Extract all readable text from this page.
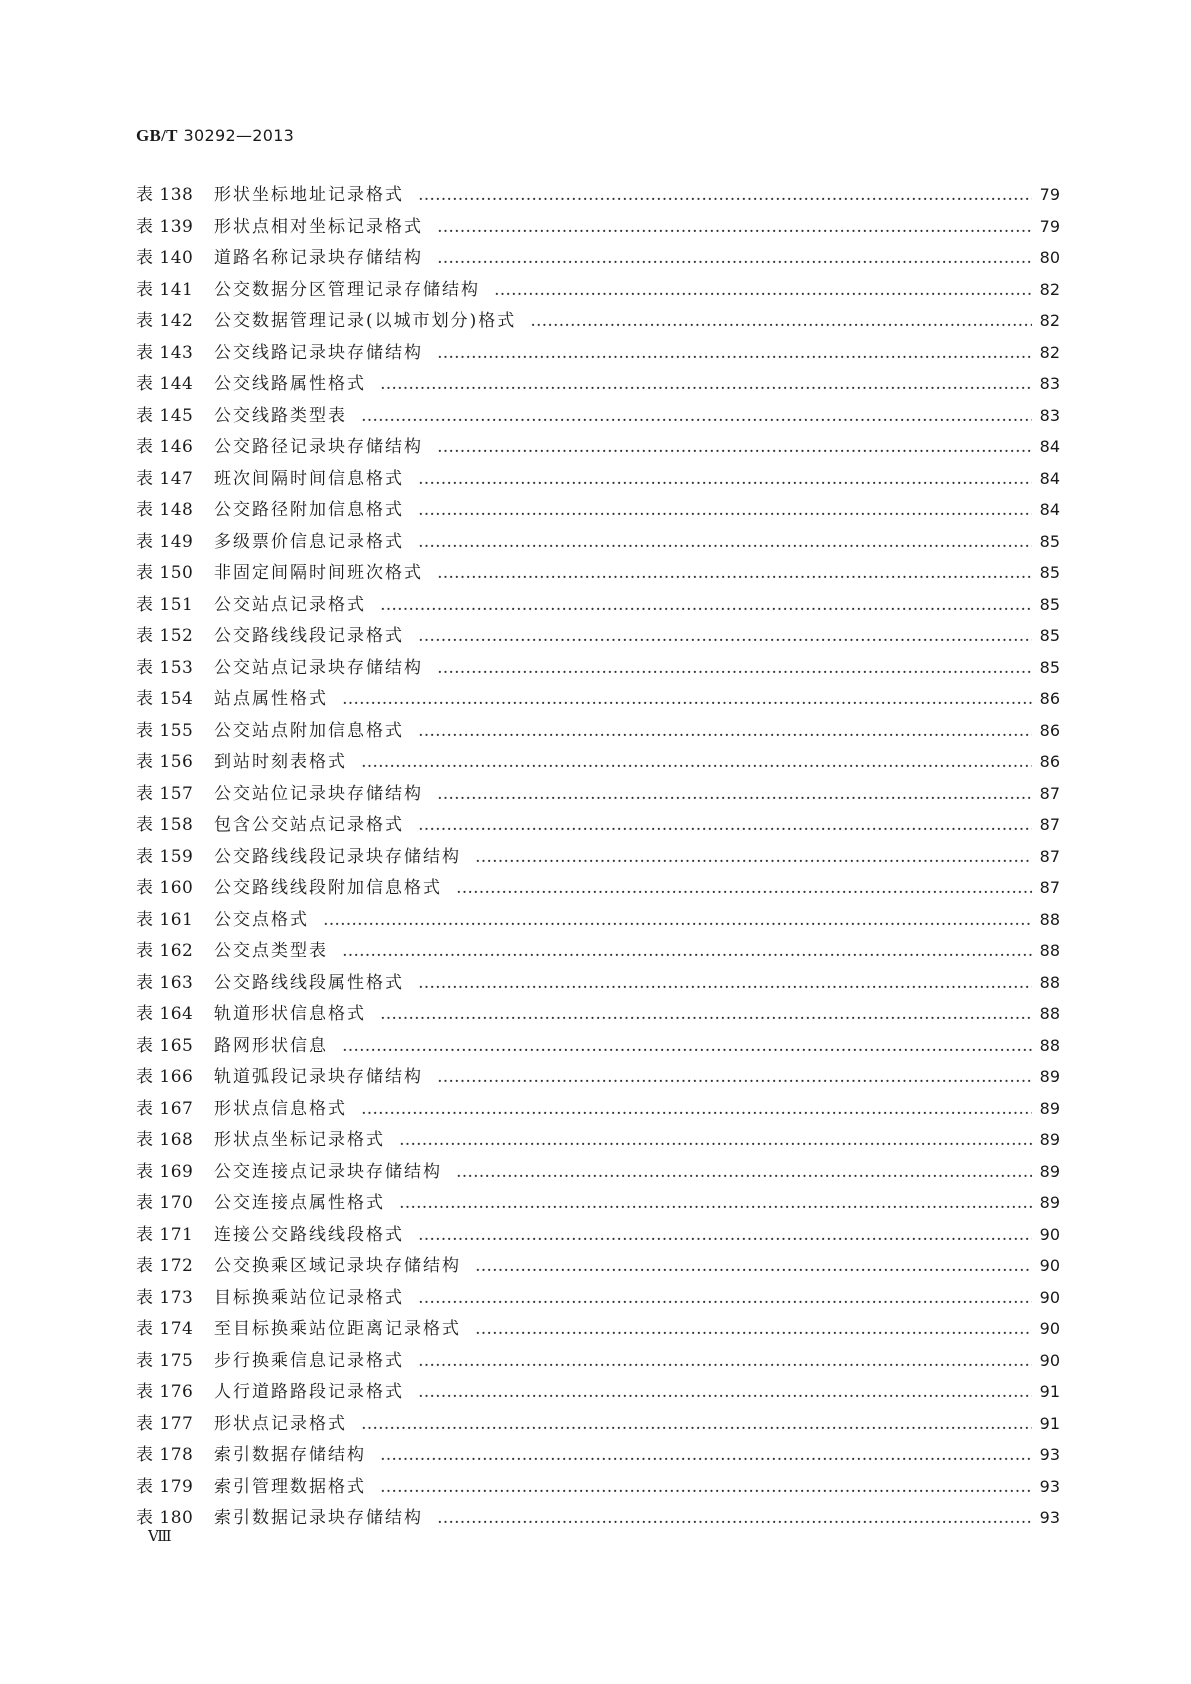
GB/T 30292—2013
表 138	形状坐标地址记录格式 …………………………………………………………………………………………………………………………………………………………………………………………………………………………	79
表 139	形状点相对坐标记录格式 …………………………………………………………………………………………………………………………………………………………………………………………………………………………	79
表 140	道路名称记录块存储结构 …………………………………………………………………………………………………………………………………………………………………………………………………………………………	80
表 141	公交数据分区管理记录存储结构 …………………………………………………………………………………………………………………………………………………………………………………………………………………………	82
表 142	公交数据管理记录(以城市划分)格式 …………………………………………………………………………………………………………………………………………………………………………………………………………………………	82
表 143	公交线路记录块存储结构 …………………………………………………………………………………………………………………………………………………………………………………………………………………………	82
表 144	公交线路属性格式 …………………………………………………………………………………………………………………………………………………………………………………………………………………………	83
表 145	公交线路类型表 …………………………………………………………………………………………………………………………………………………………………………………………………………………………	83
表 146	公交路径记录块存储结构 …………………………………………………………………………………………………………………………………………………………………………………………………………………………	84
表 147	班次间隔时间信息格式 …………………………………………………………………………………………………………………………………………………………………………………………………………………………	84
表 148	公交路径附加信息格式 …………………………………………………………………………………………………………………………………………………………………………………………………………………………	84
表 149	多级票价信息记录格式 …………………………………………………………………………………………………………………………………………………………………………………………………………………………	85
表 150	非固定间隔时间班次格式 …………………………………………………………………………………………………………………………………………………………………………………………………………………………	85
表 151	公交站点记录格式 …………………………………………………………………………………………………………………………………………………………………………………………………………………………	85
表 152	公交路线线段记录格式 …………………………………………………………………………………………………………………………………………………………………………………………………………………………	85
表 153	公交站点记录块存储结构 …………………………………………………………………………………………………………………………………………………………………………………………………………………………	85
表 154	站点属性格式 …………………………………………………………………………………………………………………………………………………………………………………………………………………………	86
表 155	公交站点附加信息格式 …………………………………………………………………………………………………………………………………………………………………………………………………………………………	86
表 156	到站时刻表格式 …………………………………………………………………………………………………………………………………………………………………………………………………………………………	86
表 157	公交站位记录块存储结构 …………………………………………………………………………………………………………………………………………………………………………………………………………………………	87
表 158	包含公交站点记录格式 …………………………………………………………………………………………………………………………………………………………………………………………………………………………	87
表 159	公交路线线段记录块存储结构 …………………………………………………………………………………………………………………………………………………………………………………………………………………………	87
表 160	公交路线线段附加信息格式 …………………………………………………………………………………………………………………………………………………………………………………………………………………………	87
表 161	公交点格式 …………………………………………………………………………………………………………………………………………………………………………………………………………………………	88
表 162	公交点类型表 …………………………………………………………………………………………………………………………………………………………………………………………………………………………	88
表 163	公交路线线段属性格式 …………………………………………………………………………………………………………………………………………………………………………………………………………………………	88
表 164	轨道形状信息格式 …………………………………………………………………………………………………………………………………………………………………………………………………………………………	88
表 165	路网形状信息 …………………………………………………………………………………………………………………………………………………………………………………………………………………………	88
表 166	轨道弧段记录块存储结构 …………………………………………………………………………………………………………………………………………………………………………………………………………………………	89
表 167	形状点信息格式 …………………………………………………………………………………………………………………………………………………………………………………………………………………………	89
表 168	形状点坐标记录格式 …………………………………………………………………………………………………………………………………………………………………………………………………………………………	89
表 169	公交连接点记录块存储结构 …………………………………………………………………………………………………………………………………………………………………………………………………………………………	89
表 170	公交连接点属性格式 …………………………………………………………………………………………………………………………………………………………………………………………………………………………	89
表 171	连接公交路线线段格式 …………………………………………………………………………………………………………………………………………………………………………………………………………………………	90
表 172	公交换乘区域记录块存储结构 …………………………………………………………………………………………………………………………………………………………………………………………………………………………	90
表 173	目标换乘站位记录格式 …………………………………………………………………………………………………………………………………………………………………………………………………………………………	90
表 174	至目标换乘站位距离记录格式 …………………………………………………………………………………………………………………………………………………………………………………………………………………………	90
表 175	步行换乘信息记录格式 …………………………………………………………………………………………………………………………………………………………………………………………………………………………	90
表 176	人行道路路段记录格式 …………………………………………………………………………………………………………………………………………………………………………………………………………………………	91
表 177	形状点记录格式 …………………………………………………………………………………………………………………………………………………………………………………………………………………………	91
表 178	索引数据存储结构 …………………………………………………………………………………………………………………………………………………………………………………………………………………………	93
表 179	索引管理数据格式 …………………………………………………………………………………………………………………………………………………………………………………………………………………………	93
表 180	索引数据记录块存储结构 …………………………………………………………………………………………………………………………………………………………………………………………………………………………	93
Ⅷ
